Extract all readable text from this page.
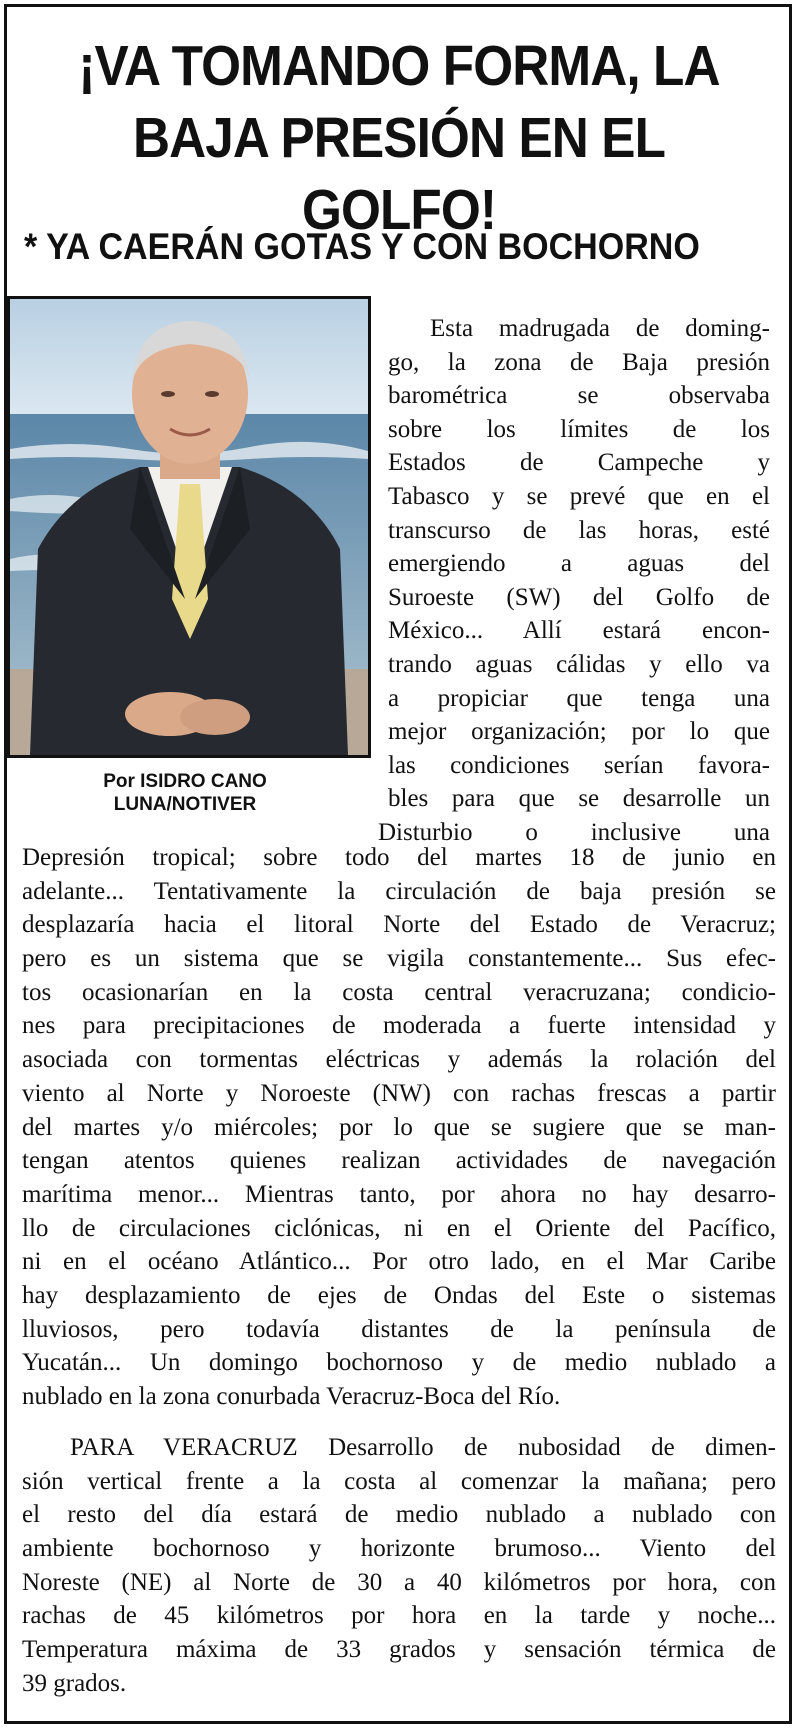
¡VA TOMANDO FORMA, LA
BAJA PRESIÓN EN EL GOLFO!
* YA CAERÁN GOTAS Y CON BOCHORNO
Por ISIDRO CANO
LUNA/NOTIVER
Esta madrugada de doming-
go, la zona de Baja presión
barométrica se observaba
sobre los límites de los
Estados de Campeche y
Tabasco y se prevé que en el
transcurso de las horas, esté
emergiendo a aguas del
Suroeste (SW) del Golfo de
México... Allí estará encon-
trando aguas cálidas y ello va
a propiciar que tenga una
mejor organización; por lo que
las condiciones serían favora-
bles para que se desarrolle un
Disturbio o inclusive una
Depresión tropical; sobre todo del martes 18 de junio en
adelante... Tentativamente la circulación de baja presión se
desplazaría hacia el litoral Norte del Estado de Veracruz;
pero es un sistema que se vigila constantemente... Sus efec-
tos ocasionarían en la costa central veracruzana; condicio-
nes para precipitaciones de moderada a fuerte intensidad y
asociada con tormentas eléctricas y además la rolación del
viento al Norte y Noroeste (NW) con rachas frescas a partir
del martes y/o miércoles; por lo que se sugiere que se man-
tengan atentos quienes realizan actividades de navegación
marítima menor... Mientras tanto, por ahora no hay desarro-
llo de circulaciones ciclónicas, ni en el Oriente del Pacífico,
ni en el océano Atlántico... Por otro lado, en el Mar Caribe
hay desplazamiento de ejes de Ondas del Este o sistemas
lluviosos, pero todavía distantes de la península de
Yucatán... Un domingo bochornoso y de medio nublado a
nublado en la zona conurbada Veracruz-Boca del Río.
PARA VERACRUZ Desarrollo de nubosidad de dimen-
sión vertical frente a la costa al comenzar la mañana; pero
el resto del día estará de medio nublado a nublado con
ambiente bochornoso y horizonte brumoso... Viento del
Noreste (NE) al Norte de 30 a 40 kilómetros por hora, con
rachas de 45 kilómetros por hora en la tarde y noche...
Temperatura máxima de 33 grados y sensación térmica de
39 grados.
